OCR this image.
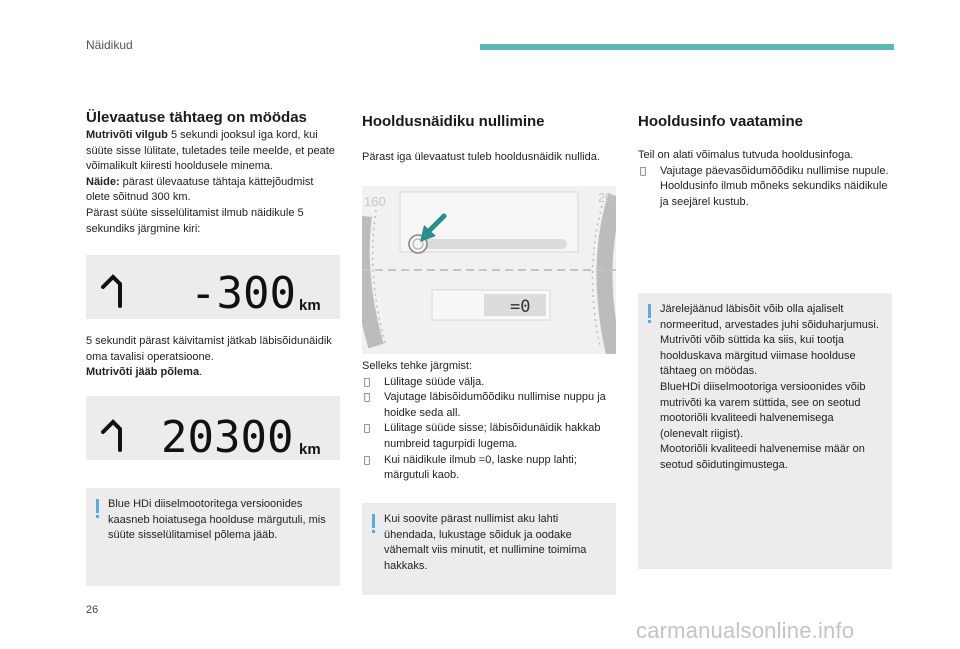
Näidikud
Ülevaatuse tähtaeg on möödas
Mutrivõti vilgub 5 sekundi jooksul iga kord, kui süüte sisse lülitate, tuletades teile meelde, et peate võimalikult kiiresti hooldusele minema.
Näide: pärast ülevaatuse tähtaja kättejõudmist olete sõitnud 300 km.
Pärast süüte sisselülitamist ilmub näidikule 5 sekundiks järgmine kiri:
-300 km
5 sekundit pärast käivitamist jätkab läbisõidunäidik oma tavalisi operatsioone.
Mutrivõti jääb põlema.
20300 km
Blue HDi diiselmootoritega versioonides kaasneb hoiatusega hoolduse märgutuli, mis süüte sisselülitamisel põlema jääb.
Hooldusnäidiku nullimine
Pärast iga ülevaatust tuleb hooldusnäidik nullida.
160	20
=0
Selleks tehke järgmist:
Lülitage süüde välja.
Vajutage läbisõidumõõdiku nullimise nuppu ja hoidke seda all.
Lülitage süüde sisse; läbisõidunäidik hakkab numbreid tagurpidi lugema.
Kui näidikule ilmub =0, laske nupp lahti; märgutuli kaob.
Kui soovite pärast nullimist aku lahti ühendada, lukustage sõiduk ja oodake vähemalt viis minutit, et nullimine toimima hakkaks.
Hooldusinfo vaatamine
Teil on alati võimalus tutvuda hooldusinfoga.
Vajutage päevasõidumõõdiku nullimise nupule. Hooldusinfo ilmub mõneks sekundiks näidikule ja seejärel kustub.
Järelejäänud läbisõit võib olla ajaliselt normeeritud, arvestades juhi sõiduharjumusi.
Mutrivõti võib süttida ka siis, kui tootja hoolduskava märgitud viimase hoolduse tähtaeg on möödas.
BlueHDi diiselmootoriga versioonides võib mutrivõti ka varem süttida, see on seotud mootoriõli kvaliteedi halvenemisega (olenevalt riigist).
Mootoriõli kvaliteedi halvenemise määr on seotud sõidutingimustega.
26
carmanualsonline.info
